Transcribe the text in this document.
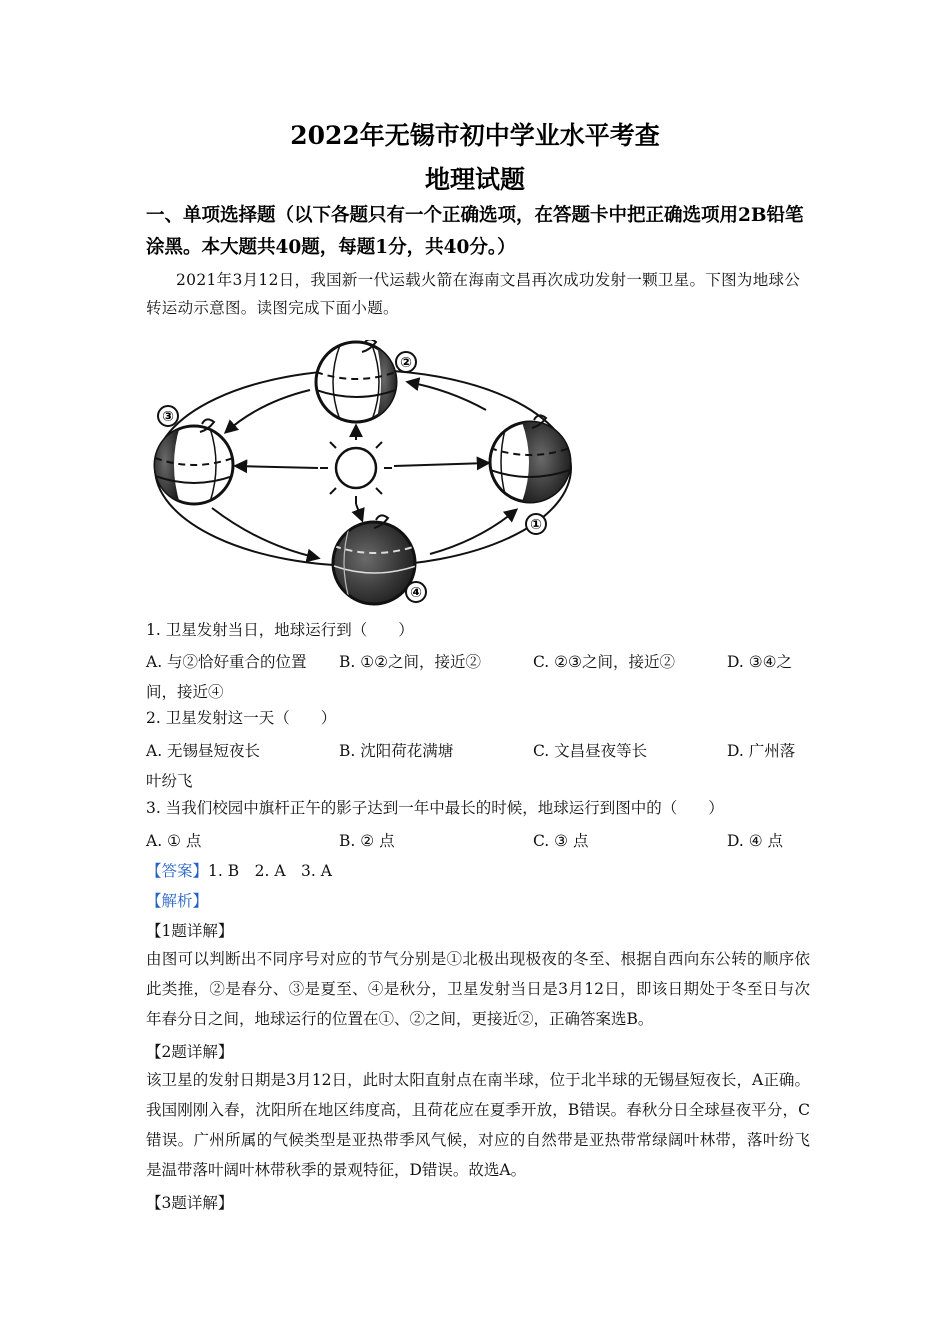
2022年无锡市初中学业水平考查
地理试题
一、单项选择题（以下各题只有一个正确选项，在答题卡中把正确选项用2B铅笔涂黑。本大题共40题，每题1分，共40分。）
2021年3月12日，我国新一代运载火箭在海南文昌再次成功发射一颗卫星。下图为地球公转运动示意图。读图完成下面小题。
②
③
①
④
1. 卫星发射当日，地球运行到（　　）
A. 与②恰好重合的位置 B. ①②之间，接近②	C. ②③之间，接近②	D. ③④之
间，接近④
2. 卫星发射这一天（　　）
A. 无锡昼短夜长	B. 沈阳荷花满塘	C. 文昌昼夜等长	D. 广州落
叶纷飞
3. 当我们校园中旗杆正午的影子达到一年中最长的时候，地球运行到图中的（　　）
A. ① 点	B. ② 点	C. ③ 点	D. ④ 点
【答案】1. B　2. A　3. A
【解析】
【1题详解】
由图可以判断出不同序号对应的节气分别是①北极出现极夜的冬至、根据自西向东公转的顺序依此类推，②是春分、③是夏至、④是秋分，卫星发射当日是3月12日，即该日期处于冬至日与次年春分日之间，地球运行的位置在①、②之间，更接近②，正确答案选B。
【2题详解】
该卫星的发射日期是3月12日，此时太阳直射点在南半球，位于北半球的无锡昼短夜长，A正确。我国刚刚入春，沈阳所在地区纬度高，且荷花应在夏季开放，B错误。春秋分日全球昼夜平分，C错误。广州所属的气候类型是亚热带季风气候，对应的自然带是亚热带常绿阔叶林带，落叶纷飞是温带落叶阔叶林带秋季的景观特征，D错误。故选A。
【3题详解】
